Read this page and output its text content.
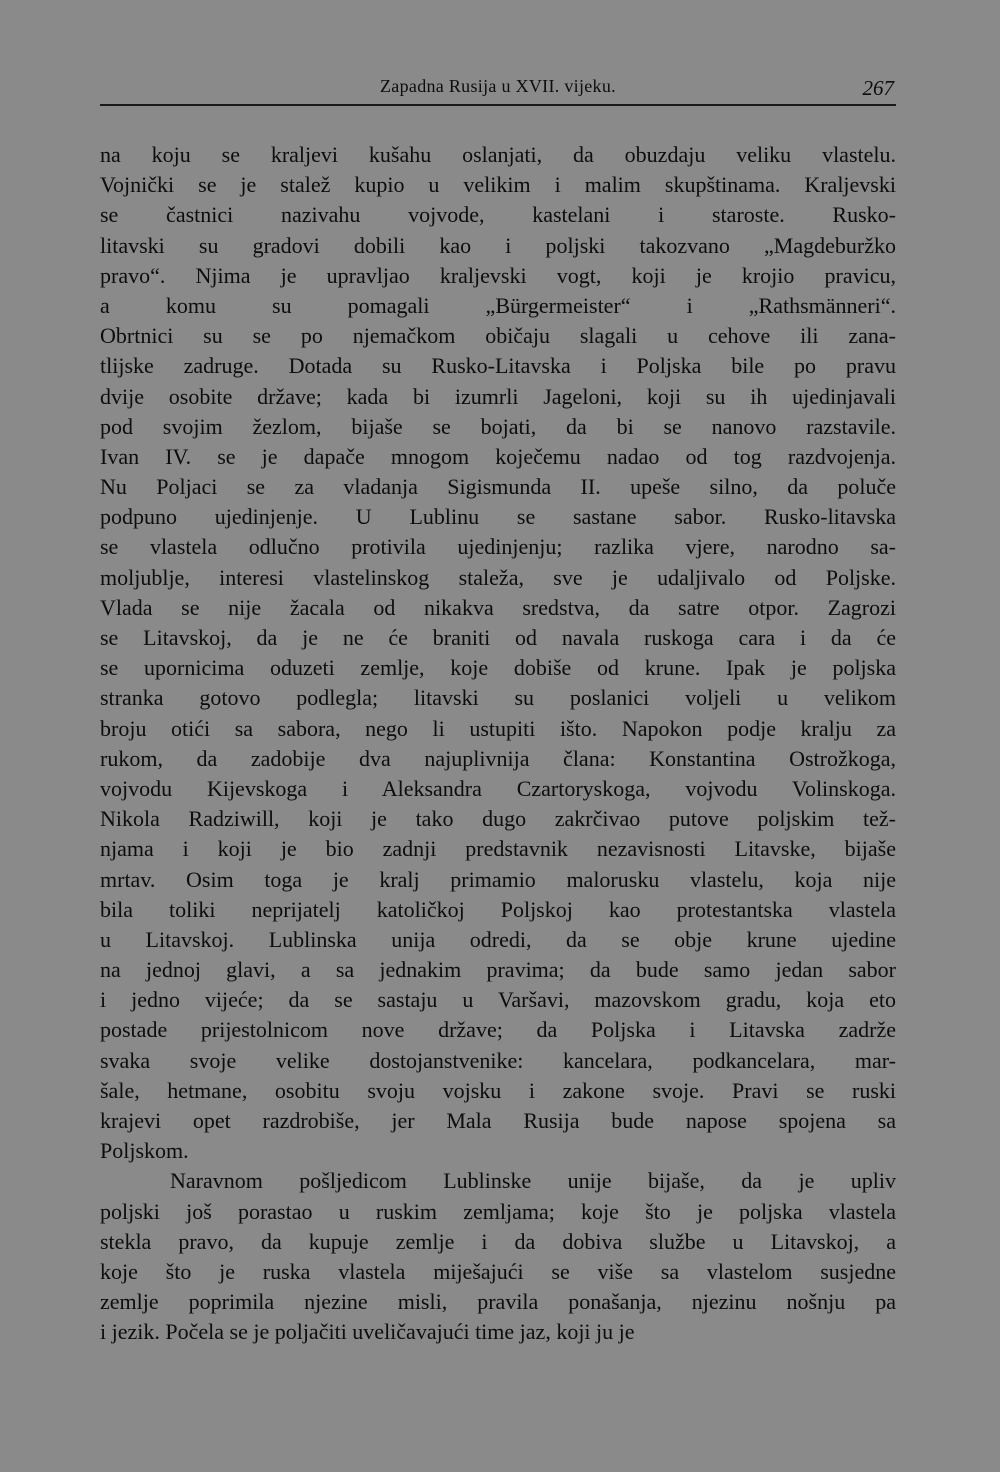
Zapadna Rusija u XVII. vijeku.	267
na koju se kraljevi kušahu oslanjati, da obuzdaju veliku vlastelu.
Vojnički se je stalež kupio u velikim i malim skupštinama. Kraljevski
se častnici nazivahu vojvode, kastelani i staroste. Rusko-
litavski su gradovi dobili kao i poljski takozvano „Magdeburžko
pravo“. Njima je upravljao kraljevski vogt, koji je krojio pravicu,
a komu su pomagali „Bürgermeister“ i „Rathsmänneri“.
Obrtnici su se po njemačkom običaju slagali u cehove ili zana-
tlijske zadruge. Dotada su Rusko-Litavska i Poljska bile po pravu
dvije osobite države; kada bi izumrli Jageloni, koji su ih ujedinjavali
pod svojim žezlom, bijaše se bojati, da bi se nanovo razstavile.
Ivan IV. se je dapače mnogom koječemu nadao od tog razdvojenja.
Nu Poljaci se za vladanja Sigismunda II. upeše silno, da poluče
podpuno ujedinjenje. U Lublinu se sastane sabor. Rusko-litavska
se vlastela odlučno protivila ujedinjenju; razlika vjere, narodno sa-
moljublje, interesi vlastelinskog staleža, sve je udaljivalo od Poljske.
Vlada se nije žacala od nikakva sredstva, da satre otpor. Zagrozi
se Litavskoj, da je ne će braniti od navala ruskoga cara i da će
se upornicima oduzeti zemlje, koje dobiše od krune. Ipak je poljska
stranka gotovo podlegla; litavski su poslanici voljeli u velikom
broju otići sa sabora, nego li ustupiti išto. Napokon podje kralju za
rukom, da zadobije dva najuplivnija člana: Konstantina Ostrožkoga,
vojvodu Kijevskoga i Aleksandra Czartoryskoga, vojvodu Volinskoga.
Nikola Radziwill, koji je tako dugo zakrčivao putove poljskim tež-
njama i koji je bio zadnji predstavnik nezavisnosti Litavske, bijaše
mrtav. Osim toga je kralj primamio malorusku vlastelu, koja nije
bila toliki neprijatelj katoličkoj Poljskoj kao protestantska vlastela
u Litavskoj. Lublinska unija odredi, da se obje krune ujedine
na jednoj glavi, a sa jednakim pravima; da bude samo jedan sabor
i jedno vijeće; da se sastaju u Varšavi, mazovskom gradu, koja eto
postade prijestolnicom nove države; da Poljska i Litavska zadrže
svaka svoje velike dostojanstvenike: kancelara, podkancelara, mar-
šale, hetmane, osobitu svoju vojsku i zakone svoje. Pravi se ruski
krajevi opet razdrobiše, jer Mala Rusija bude napose spojena sa
Poljskom.
Naravnom pošljedicom Lublinske unije bijaše, da je upliv
poljski još porastao u ruskim zemljama; koje što je poljska vlastela
stekla pravo, da kupuje zemlje i da dobiva službe u Litavskoj, a
koje što je ruska vlastela miješajući se više sa vlastelom susjedne
zemlje poprimila njezine misli, pravila ponašanja, njezinu nošnju pa
i jezik. Počela se je poljačiti uveličavajući time jaz, koji ju je
